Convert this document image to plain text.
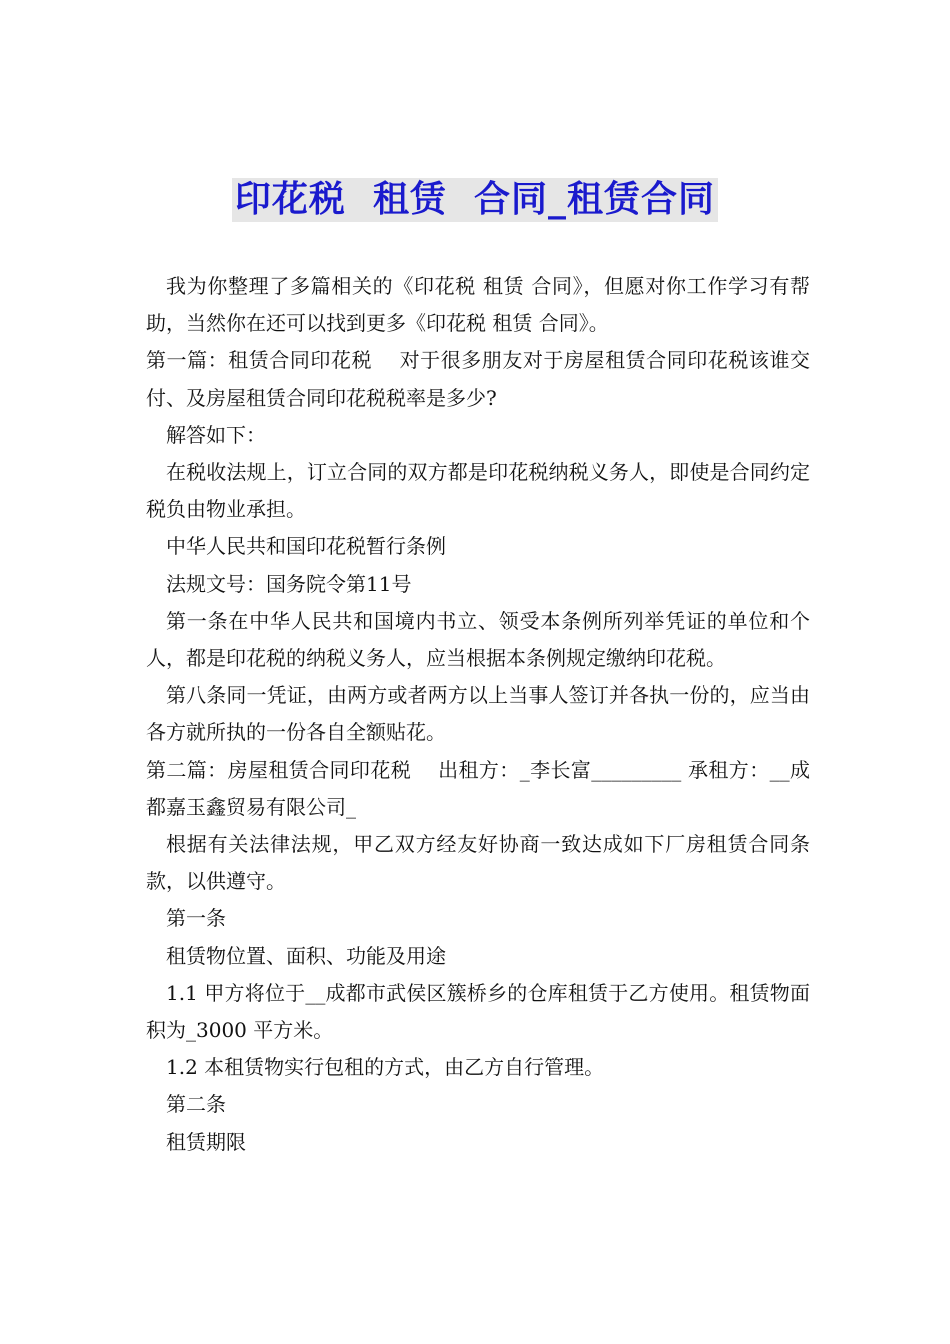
印花税  租赁  合同_租赁合同

我为你整理了多篇相关的《印花税 租赁 合同》，但愿对你工作学习有帮助，当然你在还可以找到更多《印花税 租赁 合同》。

第一篇：租赁合同印花税    对于很多朋友对于房屋租赁合同印花税该谁交付、及房屋租赁合同印花税税率是多少?

解答如下：

在税收法规上，订立合同的双方都是印花税纳税义务人，即使是合同约定税负由物业承担。

中华人民共和国印花税暂行条例

法规文号：国务院令第11号

第一条在中华人民共和国境内书立、领受本条例所列举凭证的单位和个人，都是印花税的纳税义务人，应当根据本条例规定缴纳印花税。

第八条同一凭证，由两方或者两方以上当事人签订并各执一份的，应当由各方就所执的一份各自全额贴花。

第二篇：房屋租赁合同印花税    出租方：_李长富_________ 承租方：__成都嘉玉鑫贸易有限公司_

根据有关法律法规，甲乙双方经友好协商一致达成如下厂房租赁合同条款，以供遵守。

第一条

租赁物位置、面积、功能及用途

1.1 甲方将位于__成都市武侯区簇桥乡的仓库租赁于乙方使用。租赁物面积为_3000 平方米。

1.2 本租赁物实行包租的方式，由乙方自行管理。

第二条

租赁期限
